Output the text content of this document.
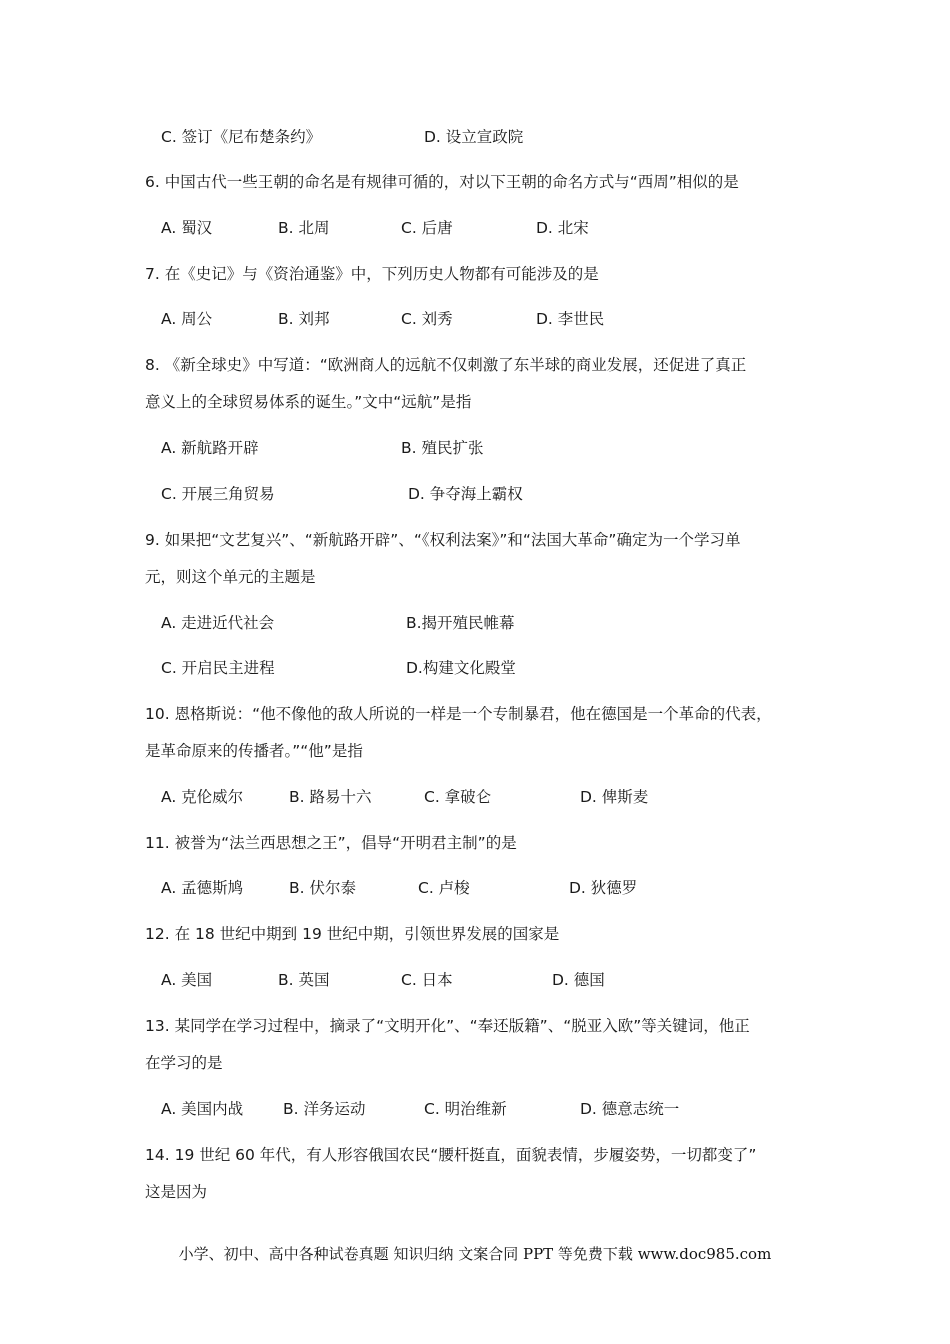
C. 签订《尼布楚条约》	D. 设立宣政院
6. 中国古代一些王朝的命名是有规律可循的，对以下王朝的命名方式与“西周”相似的是
A. 蜀汉	B. 北周	C. 后唐	D. 北宋
7. 在《史记》与《资治通鉴》中，下列历史人物都有可能涉及的是
A. 周公	B. 刘邦	C. 刘秀	D. 李世民
8. 《新全球史》中写道：“欧洲商人的远航不仅刺激了东半球的商业发展，还促进了真正
意义上的全球贸易体系的诞生。”文中“远航”是指
A. 新航路开辟	B. 殖民扩张
C. 开展三角贸易	D. 争夺海上霸权
9. 如果把“文艺复兴”、“新航路开辟”、“《权利法案》”和“法国大革命”确定为一个学习单
元，则这个单元的主题是
A. 走进近代社会	B.揭开殖民帷幕
C. 开启民主进程	D.构建文化殿堂
10. 恩格斯说：“他不像他的敌人所说的一样是一个专制暴君，他在德国是一个革命的代表，
是革命原来的传播者。”“他”是指
A. 克伦威尔	B. 路易十六	C. 拿破仑	D. 俾斯麦
11. 被誉为“法兰西思想之王”，倡导“开明君主制”的是
A. 孟德斯鸠	B. 伏尔泰	C. 卢梭	D. 狄德罗
12. 在 18 世纪中期到 19 世纪中期，引领世界发展的国家是
A. 美国	B. 英国	C. 日本	D. 德国
13. 某同学在学习过程中，摘录了“文明开化”、“奉还版籍”、“脱亚入欧”等关键词，他正
在学习的是
A. 美国内战	B. 洋务运动	C. 明治维新	D. 德意志统一
14. 19 世纪 60 年代，有人形容俄国农民“腰杆挺直，面貌表情，步履姿势，一切都变了”
这是因为
小学、初中、高中各种试卷真题 知识归纳 文案合同 PPT 等免费下载 www.doc985.com
